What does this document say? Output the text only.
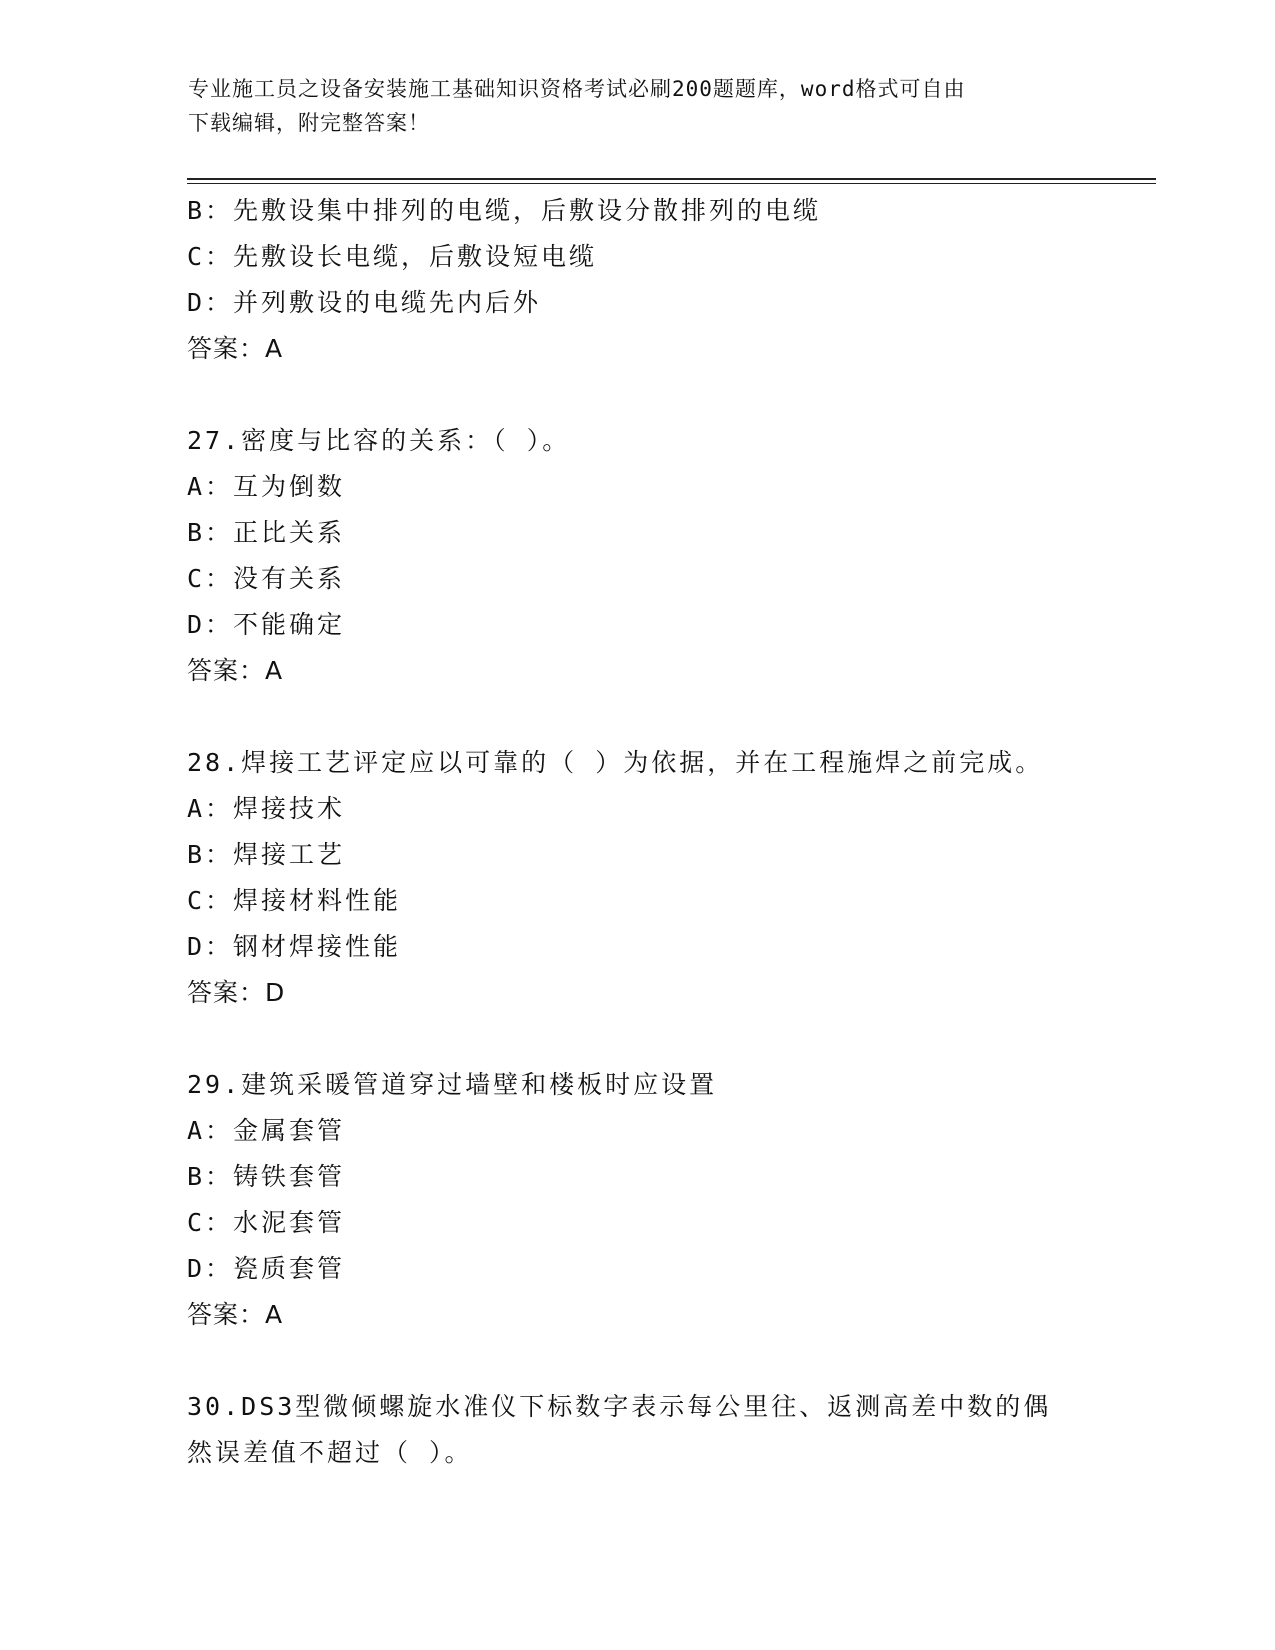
专业施工员之设备安装施工基础知识资格考试必刷200题题库，word格式可自由
下载编辑，附完整答案！
B：先敷设集中排列的电缆，后敷设分散排列的电缆
C：先敷设长电缆，后敷设短电缆
D：并列敷设的电缆先内后外
答案：A
27.密度与比容的关系：（ ）。
A：互为倒数
B：正比关系
C：没有关系
D：不能确定
答案：A
28.焊接工艺评定应以可靠的（ ）为依据，并在工程施焊之前完成。
A：焊接技术
B：焊接工艺
C：焊接材料性能
D：钢材焊接性能
答案：D
29.建筑采暖管道穿过墙壁和楼板时应设置
A：金属套管
B：铸铁套管
C：水泥套管
D：瓷质套管
答案：A
30.DS3型微倾螺旋水准仪下标数字表示每公里往、返测高差中数的偶
然误差值不超过（ ）。
